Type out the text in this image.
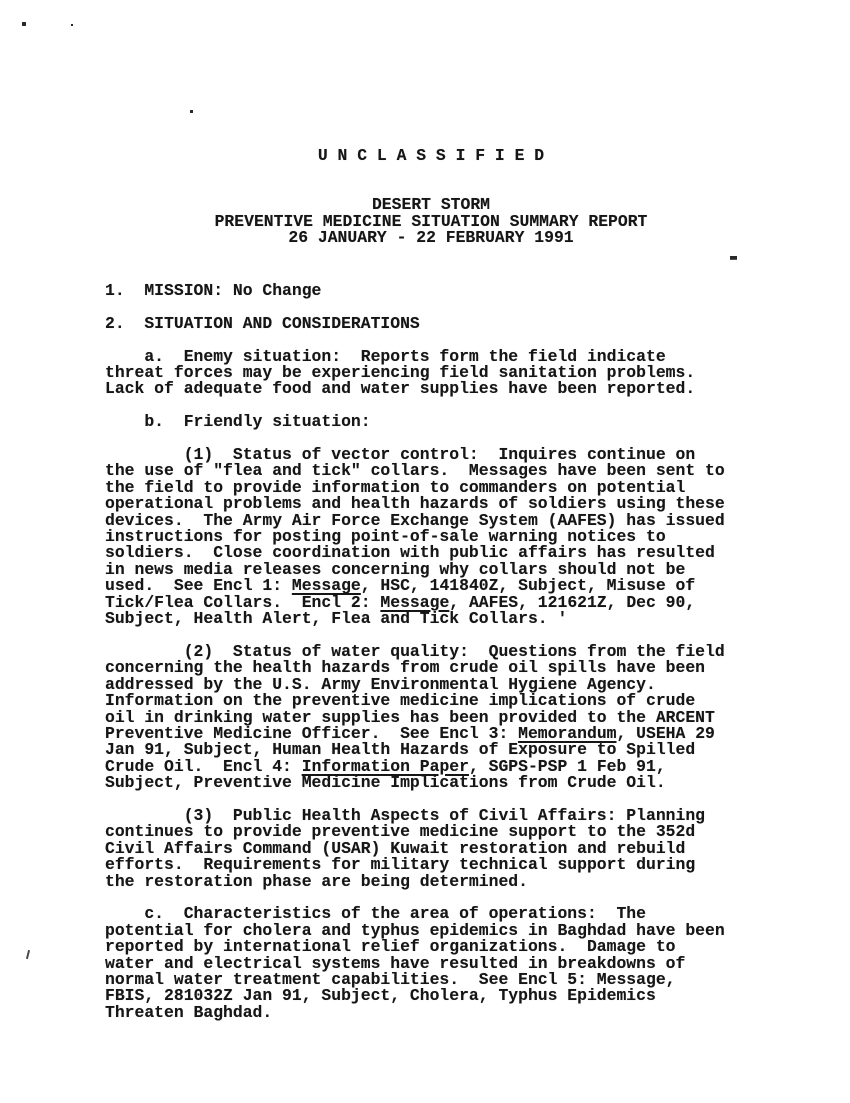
U N C L A S S I F I E D
DESERT STORM
PREVENTIVE MEDICINE SITUATION SUMMARY REPORT
26 JANUARY - 22 FEBRUARY 1991
1.  MISSION: No Change
2.  SITUATION AND CONSIDERATIONS
a.  Enemy situation:  Reports form the field indicate
threat forces may be experiencing field sanitation problems.
Lack of adequate food and water supplies have been reported.
b.  Friendly situation:
(1)  Status of vector control:  Inquires continue on
the use of "flea and tick" collars.  Messages have been sent to
the field to provide information to commanders on potential
operational problems and health hazards of soldiers using these
devices.  The Army Air Force Exchange System (AAFES) has issued
instructions for posting point-of-sale warning notices to
soldiers.  Close coordination with public affairs has resulted
in news media releases concerning why collars should not be
used.  See Encl 1: Message, HSC, 141840Z, Subject, Misuse of
Tick/Flea Collars.  Encl 2: Message, AAFES, 121621Z, Dec 90,
Subject, Health Alert, Flea and Tick Collars. '
(2)  Status of water quality:  Questions from the field
concerning the health hazards from crude oil spills have been
addressed by the U.S. Army Environmental Hygiene Agency.
Information on the preventive medicine implications of crude
oil in drinking water supplies has been provided to the ARCENT
Preventive Medicine Officer.  See Encl 3: Memorandum, USEHA 29
Jan 91, Subject, Human Health Hazards of Exposure to Spilled
Crude Oil.  Encl 4: Information Paper, SGPS-PSP 1 Feb 91,
Subject, Preventive Medicine Implications from Crude Oil.
(3)  Public Health Aspects of Civil Affairs: Planning
continues to provide preventive medicine support to the 352d
Civil Affairs Command (USAR) Kuwait restoration and rebuild
efforts.  Requirements for military technical support during
the restoration phase are being determined.
c.  Characteristics of the area of operations:  The
potential for cholera and typhus epidemics in Baghdad have been
reported by international relief organizations.  Damage to
water and electrical systems have resulted in breakdowns of
normal water treatment capabilities.  See Encl 5: Message,
FBIS, 281032Z Jan 91, Subject, Cholera, Typhus Epidemics
Threaten Baghdad.
